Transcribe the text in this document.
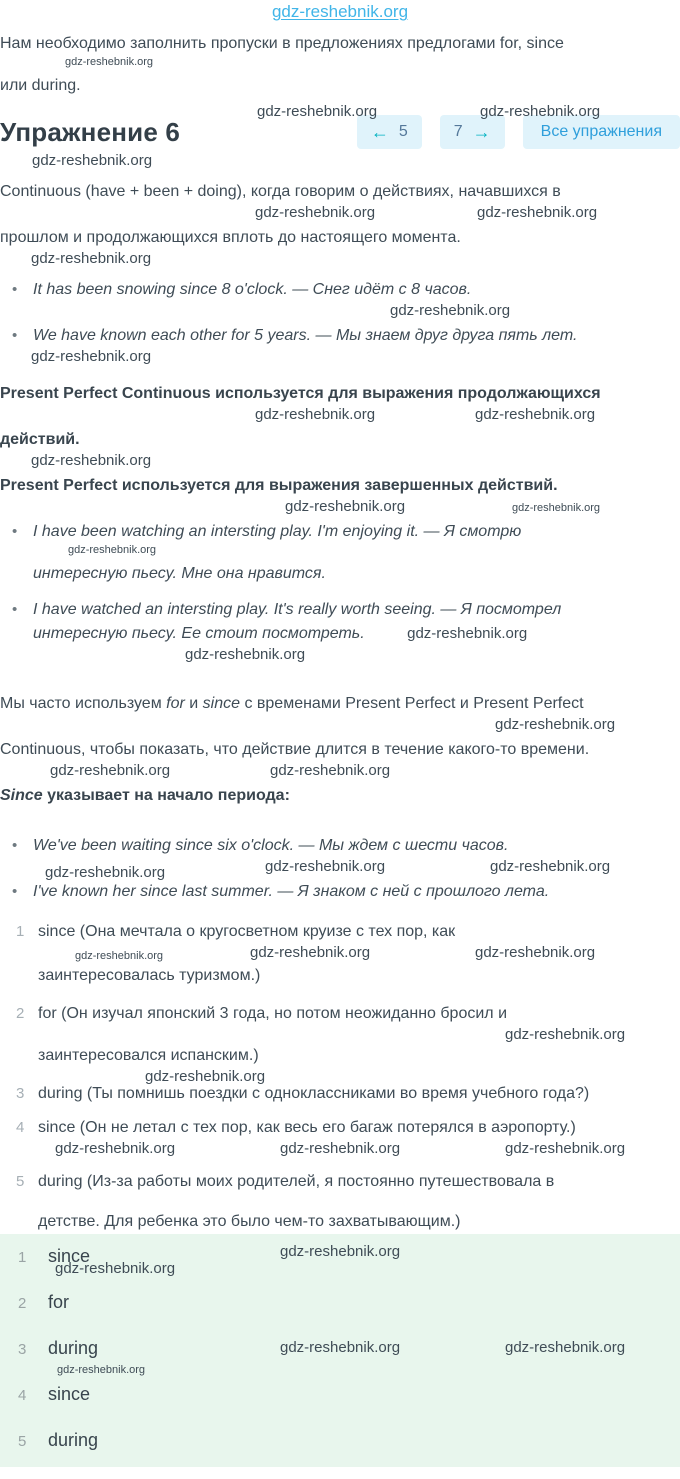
gdz-reshebnik.org
Нам необходимо заполнить пропуски в предложениях предлогами for, since
gdz-reshebnik.org
или during.
gdz-reshebnik.org	gdz-reshebnik.org
Упражнение 6	← 5	7 →	Все упражнения
gdz-reshebnik.org
Continuous (have + been + doing), когда говорим о действиях, начавшихся в
gdz-reshebnik.org	gdz-reshebnik.org
прошлом и продолжающихся вплоть до настоящего момента.
gdz-reshebnik.org
• It has been snowing since 8 o'clock. — Снег идёт с 8 часов.
gdz-reshebnik.org
• We have known each other for 5 years. — Мы знаем друг друга пять лет.
gdz-reshebnik.org
Present Perfect Continuous используется для выражения продолжающихся
gdz-reshebnik.org	gdz-reshebnik.org
действий.
gdz-reshebnik.org
Present Perfect используется для выражения завершенных действий.
gdz-reshebnik.org	gdz-reshebnik.org
• I have been watching an intersting play. I'm enjoying it. — Я смотрю
gdz-reshebnik.org
интересную пьесу. Мне она нравится.
• I have watched an intersting play. It's really worth seeing. — Я посмотрел
интересную пьесу. Ее стоит посмотреть.	gdz-reshebnik.org
gdz-reshebnik.org
Мы часто используем for и since с временами Present Perfect и Present Perfect
gdz-reshebnik.org
Continuous, чтобы показать, что действие длится в течение какого-то времени.
gdz-reshebnik.org	gdz-reshebnik.org
Since указывает на начало периода:
• We've been waiting since six o'clock. — Мы ждем с шести часов.
gdz-reshebnik.org	gdz-reshebnik.org	gdz-reshebnik.org
• I've known her since last summer. — Я знаком с ней с прошлого лета.
1 since (Она мечтала о кругосветном круизе с тех пор, как
gdz-reshebnik.org	gdz-reshebnik.org	gdz-reshebnik.org
заинтересовалась туризмом.)
2 for (Он изучал японский 3 года, но потом неожиданно бросил и
gdz-reshebnik.org
заинтересовался испанским.)
gdz-reshebnik.org
3 during (Ты помнишь поездки с одноклассниками во время учебного года?)
4 since (Он не летал с тех пор, как весь его багаж потерялся в аэропорту.)
gdz-reshebnik.org	gdz-reshebnik.org	gdz-reshebnik.org
5 during (Из-за работы моих родителей, я постоянно путешествовала в
детстве. Для ребенка это было чем-то захватывающим.)
gdz-reshebnik.org
gdz-reshebnik.org
gdz-reshebnik.org	gdz-reshebnik.org
gdz-reshebnik.org
1 since
2 for
3 during
4 since
5 during
